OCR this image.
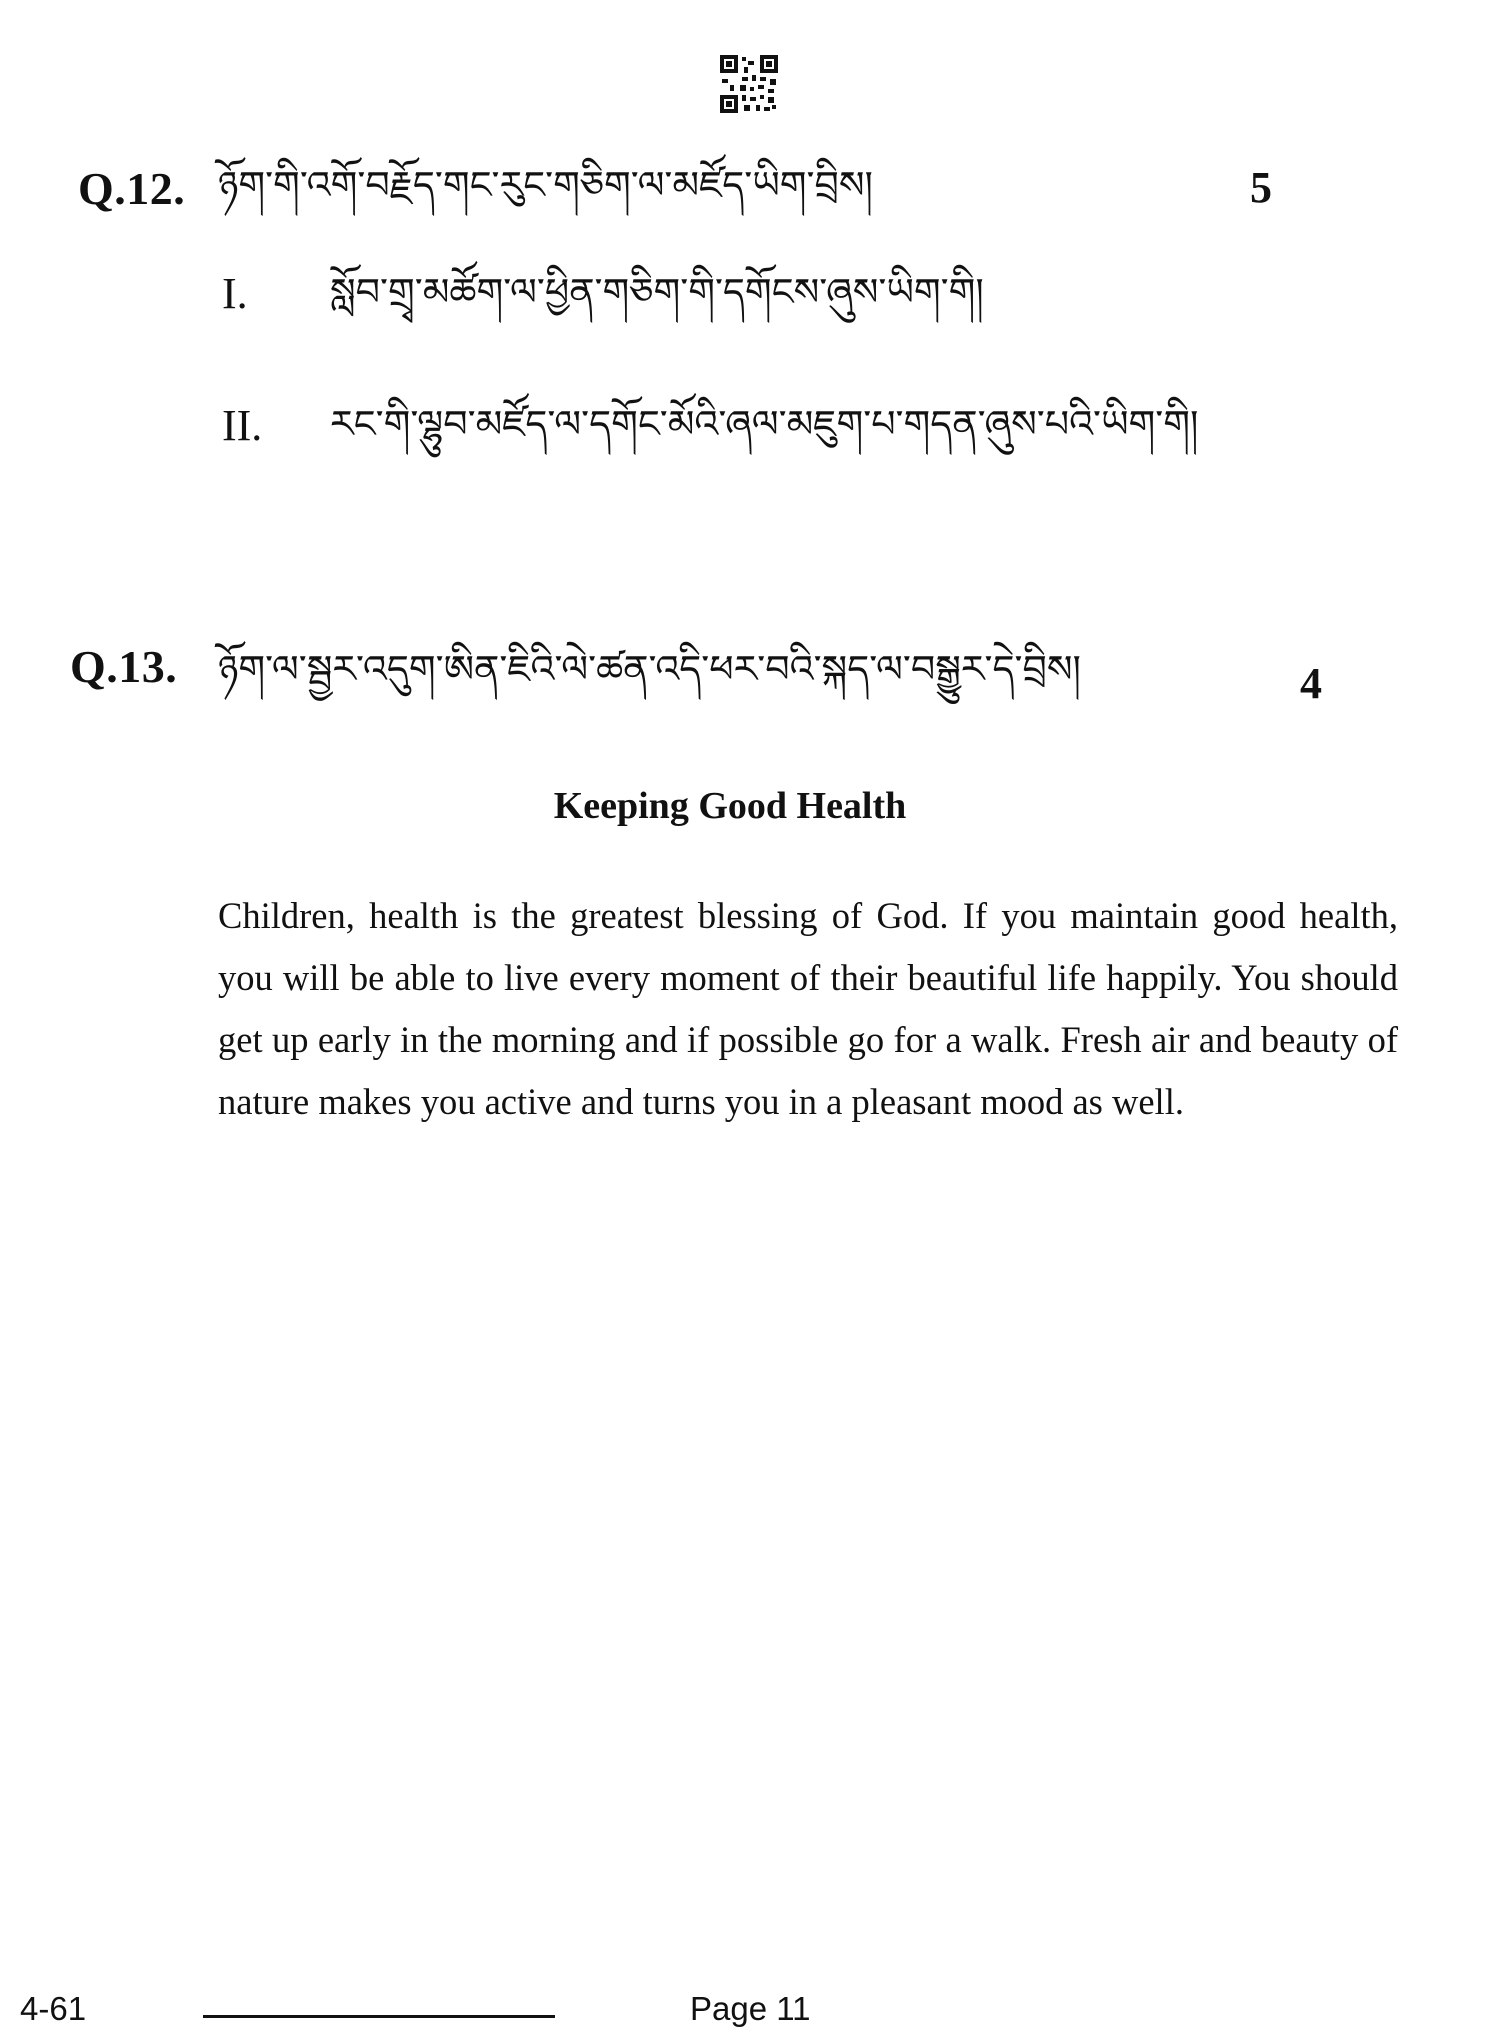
Q.12. ཉོག་གི་འགོ་བརྗོད་གང་རུང་གཅིག་ལ་མཛོད་ཡིག་བྲིས།	5
I. སློབ་གྲྭ་མཚོག་ལ་ཕྱིན་གཅིག་གི་དགོངས་ཞུས་ཡིག་གི།
II. རང་གི་ལྷུབ་མཛོད་ལ་དགོང་མོའི་ཞལ་མཇུག་པ་གདན་ཞུས་པའི་ཡིག་གི།
Q.13. ཉོག་ལ་སྦྱར་འདུག་ཨིན་ཇིའི་ལེ་ཚན་འདི་ཕར་བའི་སྐད་ལ་བསྒྱུར་དེ་བྲིས།	4
Keeping Good Health
Children, health is the greatest blessing of God. If you maintain good health, you will be able to live every moment of their beautiful life happily. You should get up early in the morning and if possible go for a walk. Fresh air and beauty of nature makes you active and turns you in a pleasant mood as well.
4-61	Page 11
